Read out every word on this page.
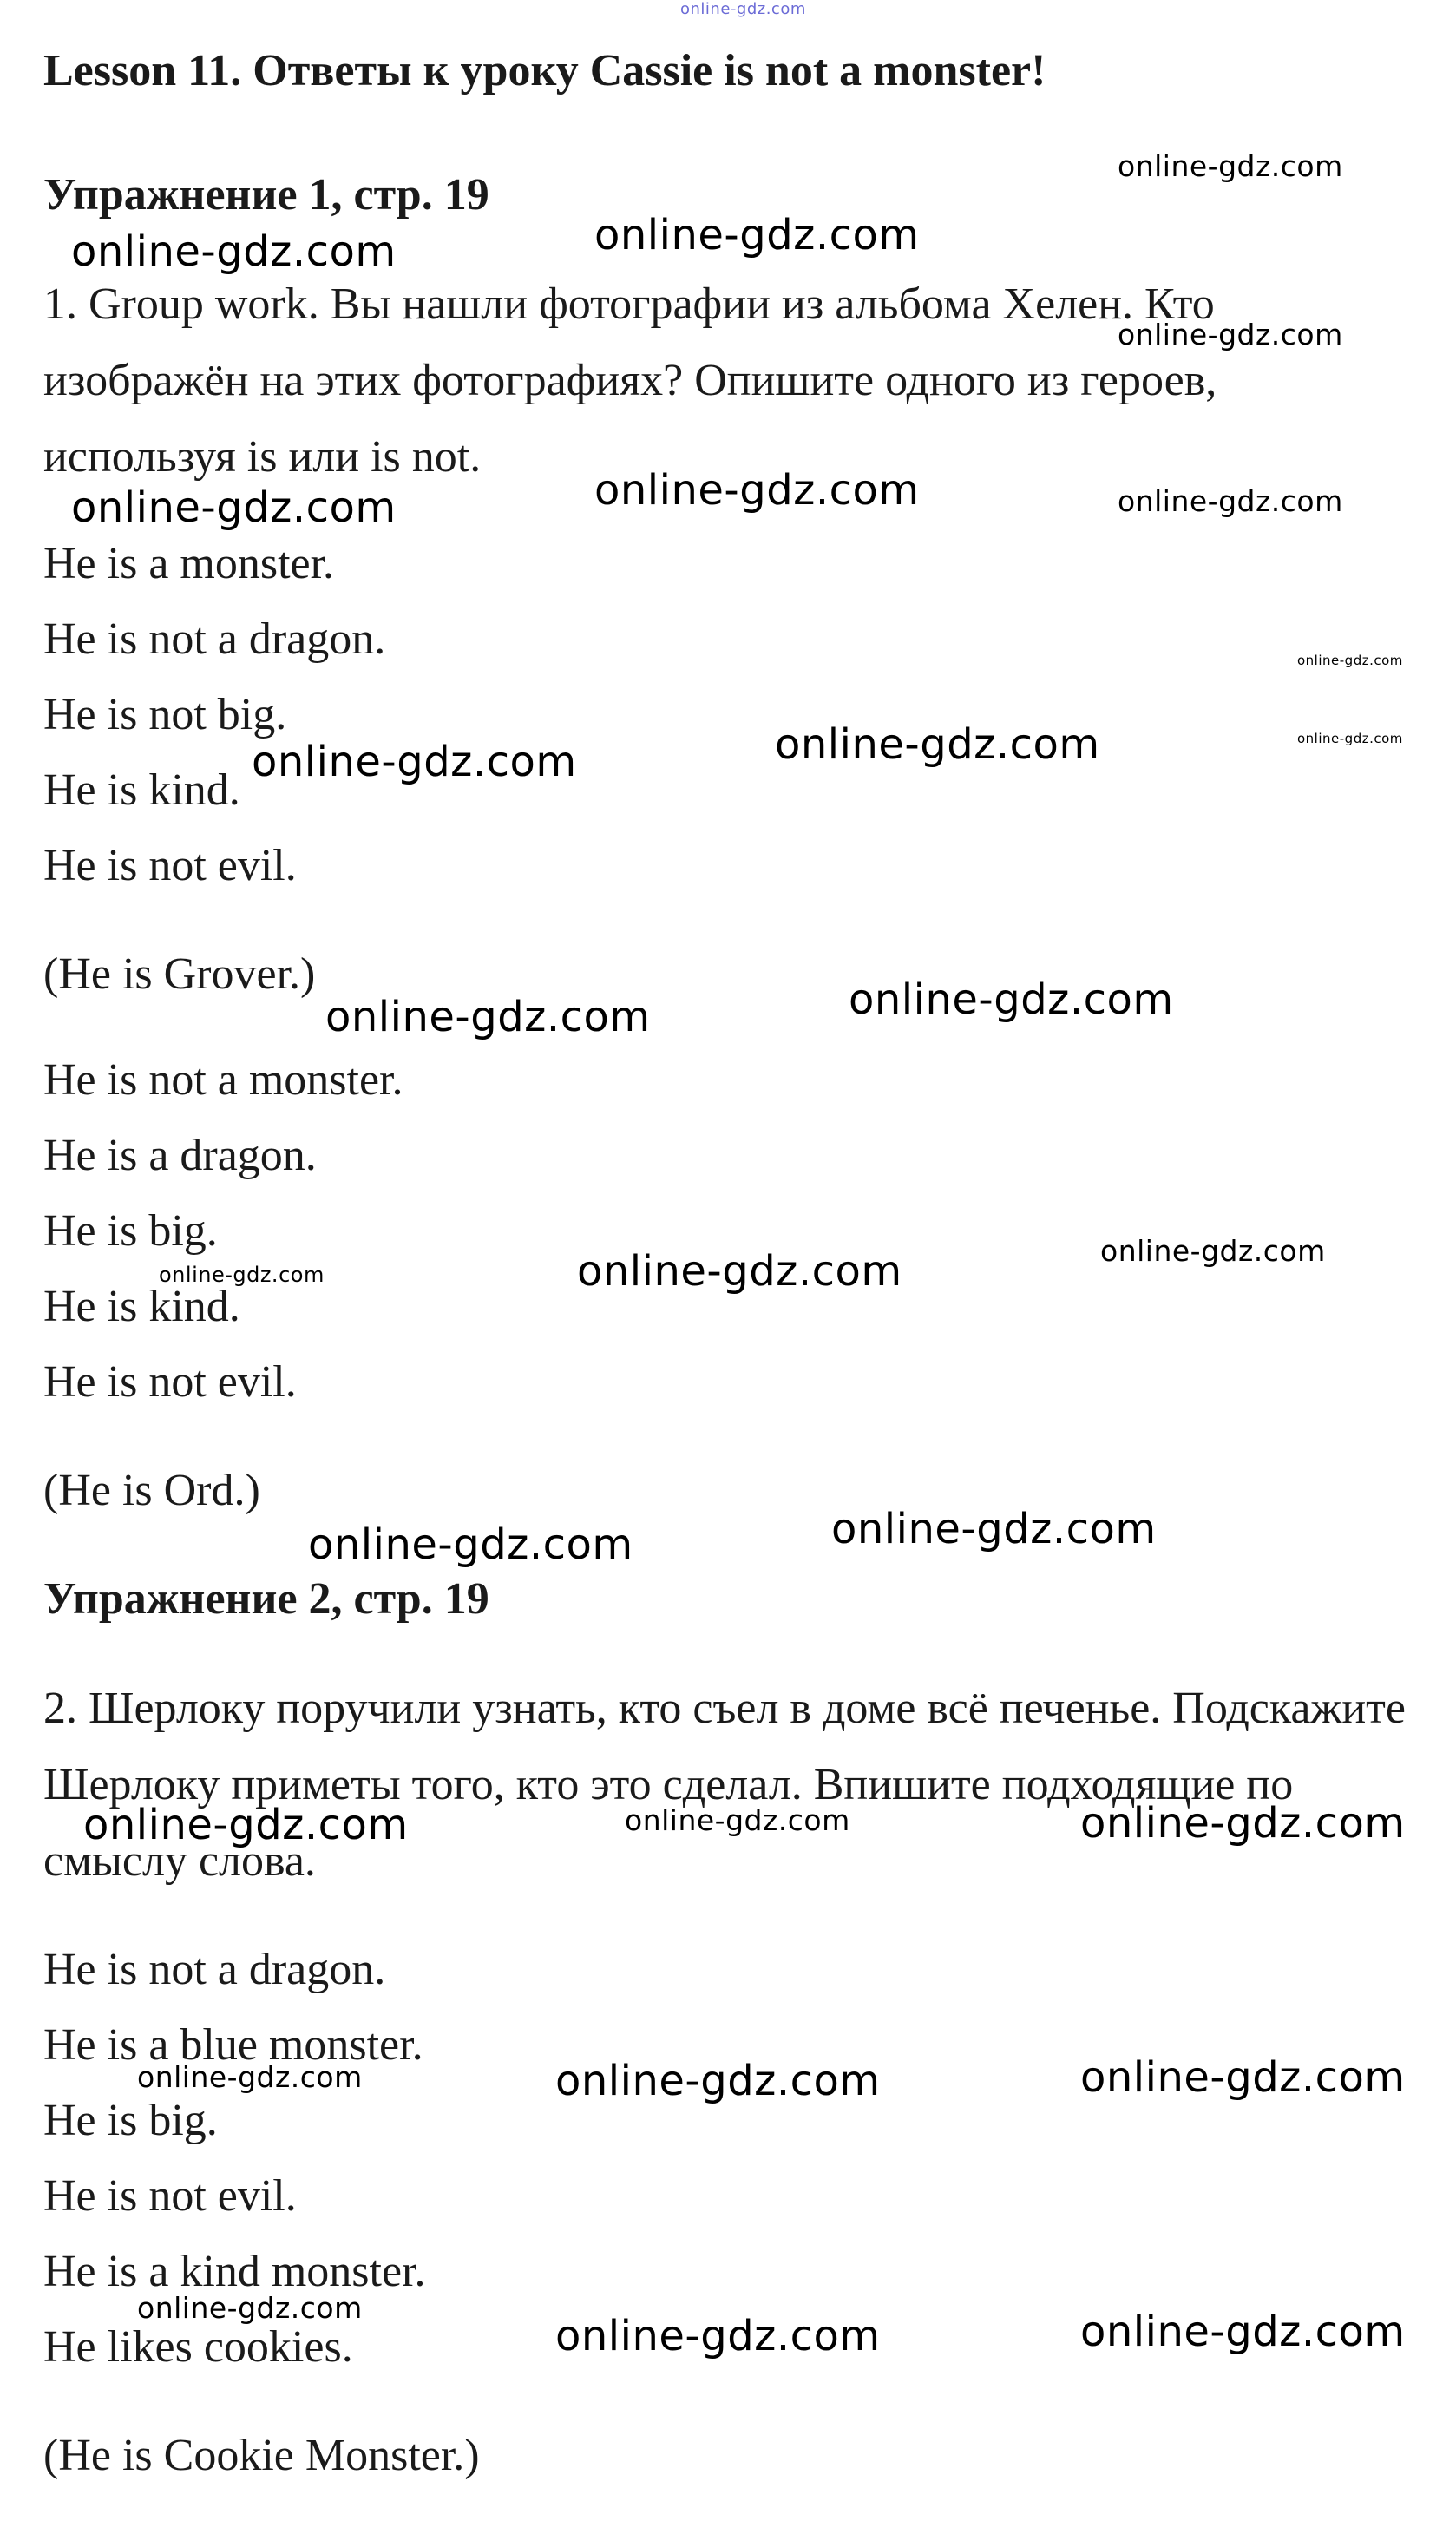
online-gdz.com
Lesson 11. Ответы к уроку Cassie is not a monster!
Упражнение 1, стр. 19
1. Group work. Вы нашли фотографии из альбома Хелен. Кто изображён на этих фотографиях? Опишите одного из героев, используя is или is not.
He is a monster.
He is not a dragon.
He is not big.
He is kind.
He is not evil.
(He is Grover.)
He is not a monster.
He is a dragon.
He is big.
He is kind.
He is not evil.
(He is Ord.)
Упражнение 2, стр. 19
2. Шерлоку поручили узнать, кто съел в доме всё печенье. Подскажите Шерлоку приметы того, кто это сделал. Впишите подходящие по смыслу слова.
He is not a dragon.
He is a blue monster.
He is big.
He is not evil.
He is a kind monster.
He likes cookies.
(He is Cookie Monster.)
online-gdz.com
online-gdz.com	online-gdz.com
online-gdz.com
online-gdz.com
online-gdz.com	online-gdz.com
online-gdz.com
online-gdz.com
online-gdz.com
online-gdz.com
online-gdz.com
online-gdz.com
online-gdz.com
online-gdz.com
online-gdz.com
online-gdz.com
online-gdz.com
online-gdz.com	online-gdz.com	online-gdz.com
online-gdz.com	online-gdz.com	online-gdz.com
online-gdz.com
online-gdz.com	online-gdz.com
